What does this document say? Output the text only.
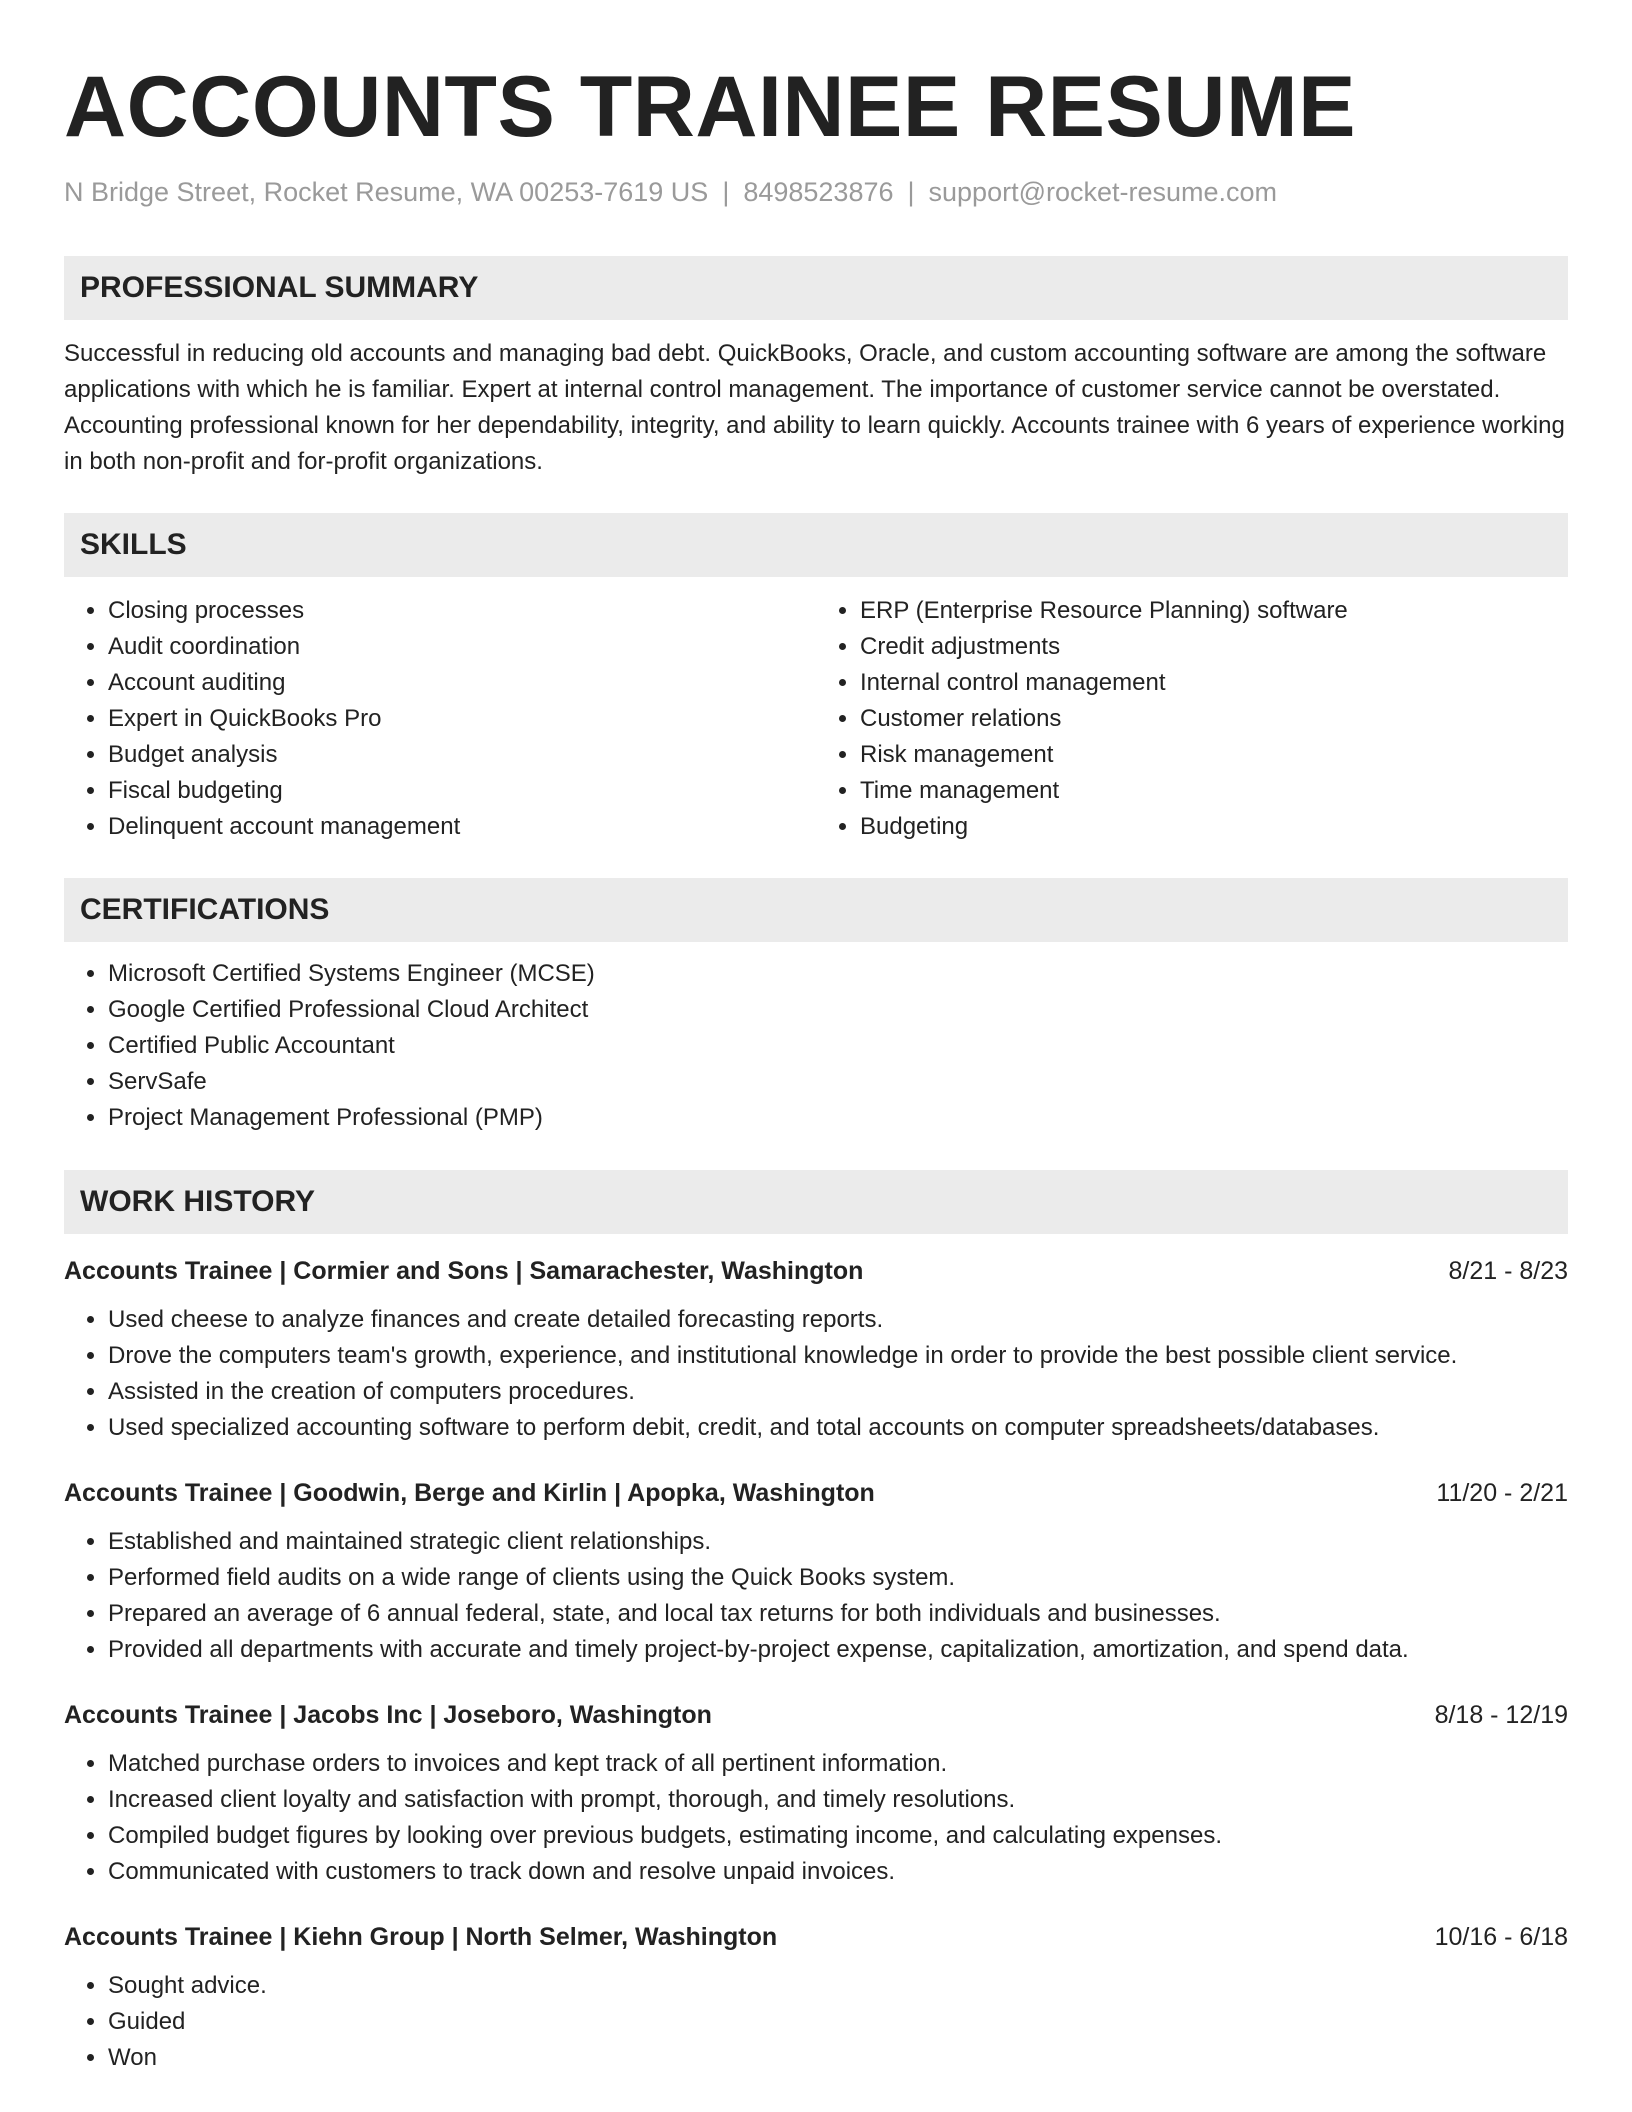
ACCOUNTS TRAINEE RESUME
N Bridge Street, Rocket Resume, WA 00253-7619 US | 8498523876 | support@rocket-resume.com
PROFESSIONAL SUMMARY
Successful in reducing old accounts and managing bad debt. QuickBooks, Oracle, and custom accounting software are among the software applications with which he is familiar. Expert at internal control management. The importance of customer service cannot be overstated. Accounting professional known for her dependability, integrity, and ability to learn quickly. Accounts trainee with 6 years of experience working in both non-profit and for-profit organizations.
SKILLS
• Closing processes
• Audit coordination
• Account auditing
• Expert in QuickBooks Pro
• Budget analysis
• Fiscal budgeting
• Delinquent account management
• ERP (Enterprise Resource Planning) software
• Credit adjustments
• Internal control management
• Customer relations
• Risk management
• Time management
• Budgeting
CERTIFICATIONS
• Microsoft Certified Systems Engineer (MCSE)
• Google Certified Professional Cloud Architect
• Certified Public Accountant
• ServSafe
• Project Management Professional (PMP)
WORK HISTORY
Accounts Trainee | Cormier and Sons | Samarachester, Washington	8/21 - 8/23
• Used cheese to analyze finances and create detailed forecasting reports.
• Drove the computers team's growth, experience, and institutional knowledge in order to provide the best possible client service.
• Assisted in the creation of computers procedures.
• Used specialized accounting software to perform debit, credit, and total accounts on computer spreadsheets/databases.
Accounts Trainee | Goodwin, Berge and Kirlin | Apopka, Washington	11/20 - 2/21
• Established and maintained strategic client relationships.
• Performed field audits on a wide range of clients using the Quick Books system.
• Prepared an average of 6 annual federal, state, and local tax returns for both individuals and businesses.
• Provided all departments with accurate and timely project-by-project expense, capitalization, amortization, and spend data.
Accounts Trainee | Jacobs Inc | Joseboro, Washington	8/18 - 12/19
• Matched purchase orders to invoices and kept track of all pertinent information.
• Increased client loyalty and satisfaction with prompt, thorough, and timely resolutions.
• Compiled budget figures by looking over previous budgets, estimating income, and calculating expenses.
• Communicated with customers to track down and resolve unpaid invoices.
Accounts Trainee | Kiehn Group | North Selmer, Washington	10/16 - 6/18
• Sought advice.
• Guided
• Won
